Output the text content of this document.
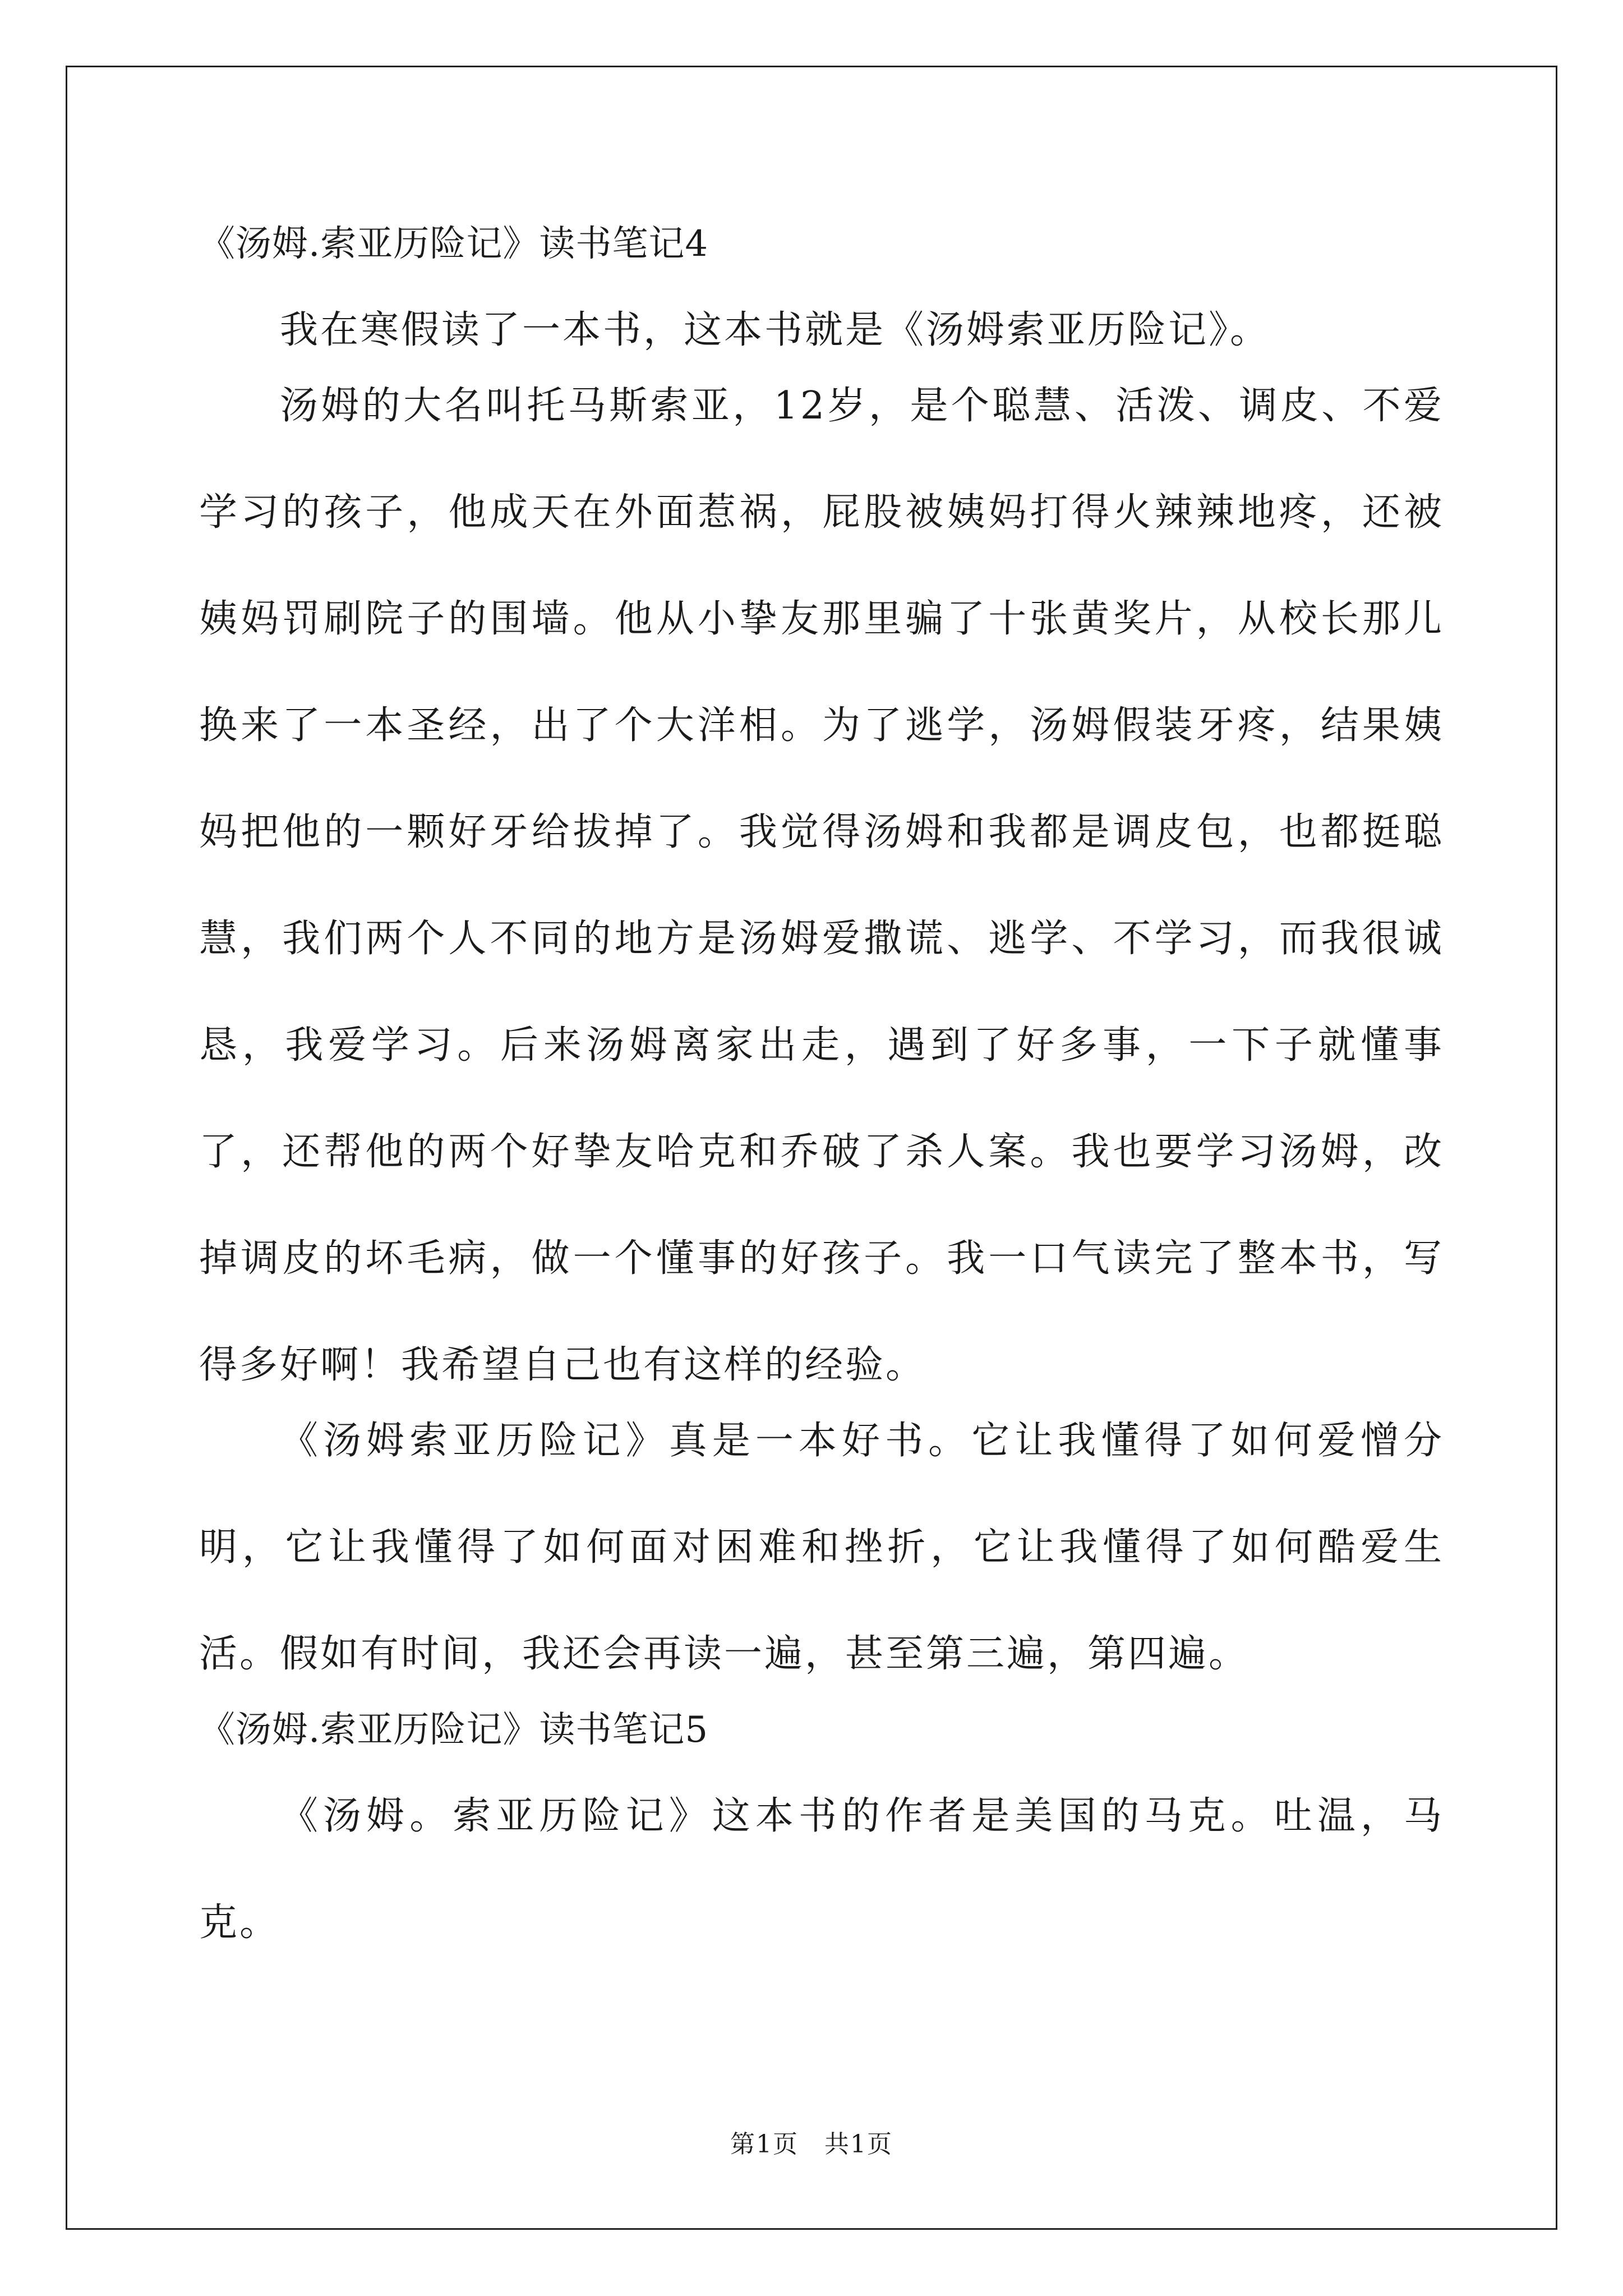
《汤姆.索亚历险记》读书笔记4

我在寒假读了一本书，这本书就是《汤姆索亚历险记》。

汤姆的大名叫托马斯索亚，12岁，是个聪慧、活泼、调皮、不爱学习的孩子，他成天在外面惹祸，屁股被姨妈打得火辣辣地疼，还被姨妈罚刷院子的围墙。他从小挚友那里骗了十张黄奖片，从校长那儿换来了一本圣经，出了个大洋相。为了逃学，汤姆假装牙疼，结果姨妈把他的一颗好牙给拔掉了。我觉得汤姆和我都是调皮包，也都挺聪慧，我们两个人不同的地方是汤姆爱撒谎、逃学、不学习，而我很诚恳，我爱学习。后来汤姆离家出走，遇到了好多事，一下子就懂事了，还帮他的两个好挚友哈克和乔破了杀人案。我也要学习汤姆，改掉调皮的坏毛病，做一个懂事的好孩子。我一口气读完了整本书，写得多好啊！我希望自己也有这样的经验。

《汤姆索亚历险记》真是一本好书。它让我懂得了如何爱憎分明，它让我懂得了如何面对困难和挫折，它让我懂得了如何酷爱生活。假如有时间，我还会再读一遍，甚至第三遍，第四遍。

《汤姆.索亚历险记》读书笔记5

《汤姆。索亚历险记》这本书的作者是美国的马克。吐温，马克。

第1页　共1页
